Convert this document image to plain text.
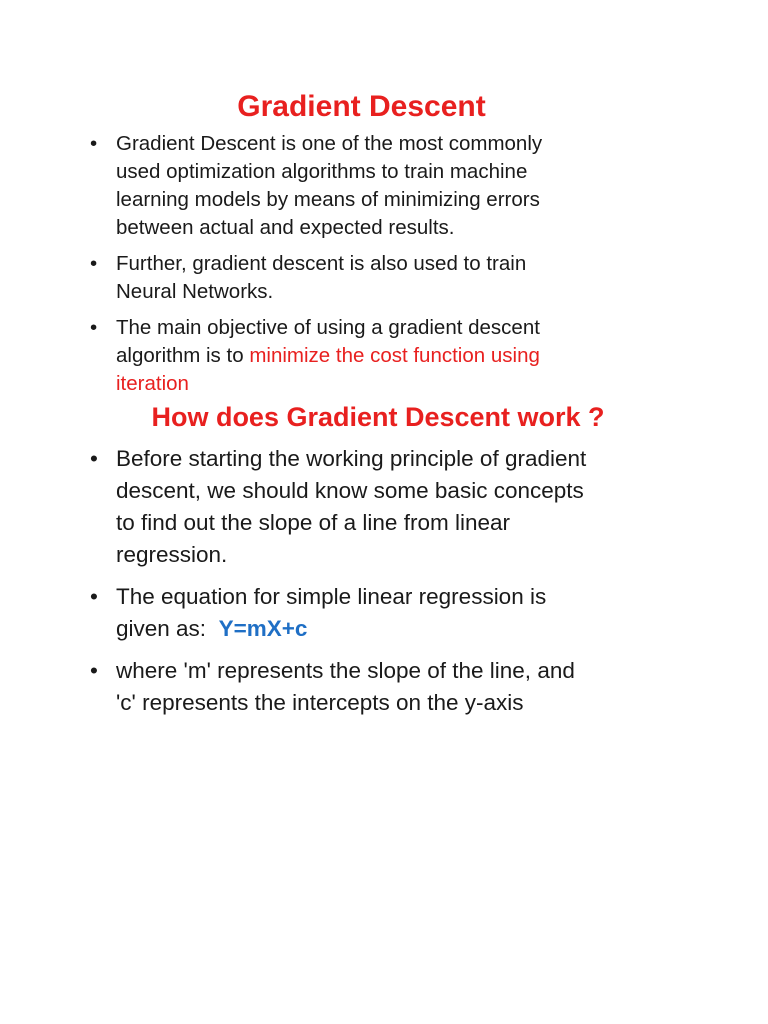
Gradient Descent
• Gradient Descent is one of the most commonly
used optimization algorithms to train machine
learning models by means of minimizing errors
between actual and expected results.
• Further, gradient descent is also used to train
Neural Networks.
• The main objective of using a gradient descent
algorithm is to minimize the cost function using
iteration
How does Gradient Descent work ?
• Before starting the working principle of gradient
descent, we should know some basic concepts
to find out the slope of a line from linear
regression.
• The equation for simple linear regression is
given as:  Y=mX+c
• where 'm' represents the slope of the line, and
'c' represents the intercepts on the y-axis
